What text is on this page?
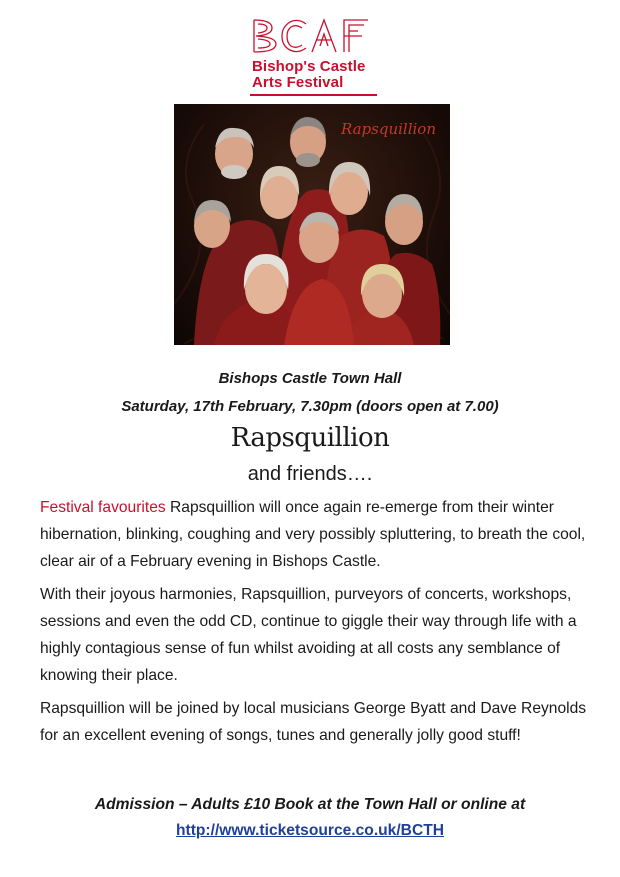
Bishop's Castle
Arts Festival
Rapsquillion
Bishops Castle Town Hall
Saturday, 17th February, 7.30pm (doors open at 7.00)
Rapsquillion
and friends….

Festival favourites Rapsquillion will once again re-emerge from their winter hibernation, blinking, coughing and very possibly spluttering, to breath the cool, clear air of a February evening in Bishops Castle.

With their joyous harmonies, Rapsquillion, purveyors of concerts, workshops, sessions and even the odd CD, continue to giggle their way through life with a highly contagious sense of fun whilst avoiding at all costs any semblance of knowing their place.

Rapsquillion will be joined by local musicians George Byatt and Dave Reynolds for an excellent evening of songs, tunes and generally jolly good stuff!

Admission – Adults £10 Book at the Town Hall or online at
http://www.ticketsource.co.uk/BCTH
